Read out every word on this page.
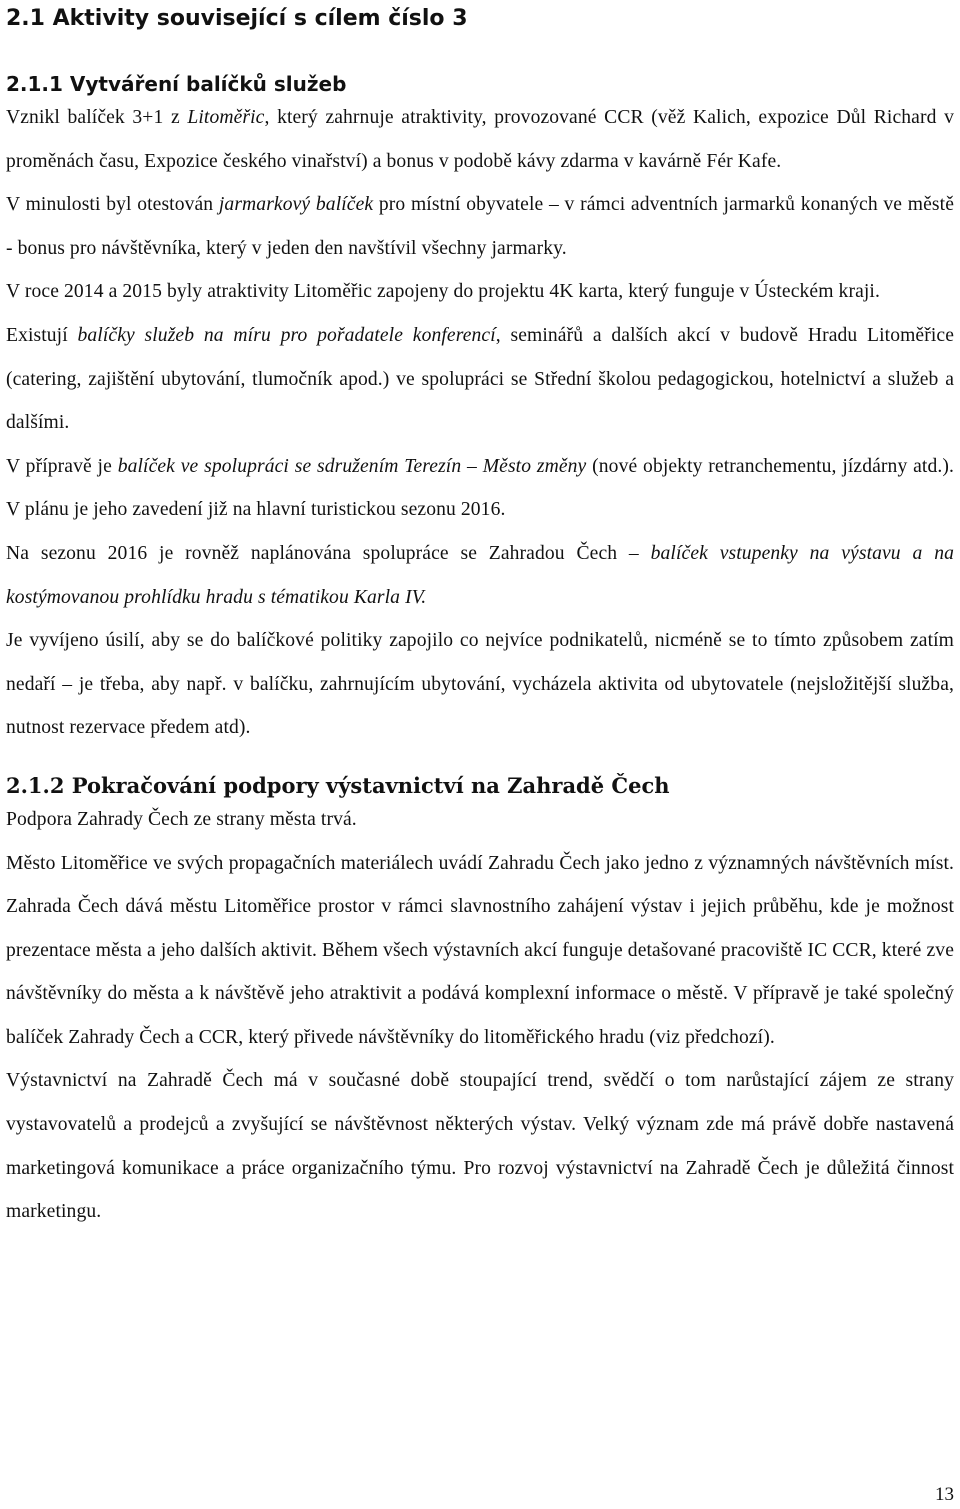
2.1 Aktivity související s cílem číslo 3
2.1.1 Vytváření balíčků služeb

Vznikl balíček 3+1 z Litoměřic, který zahrnuje atraktivity, provozované CCR (věž Kalich, expozice Důl Richard v proměnách času, Expozice českého vinařství) a bonus v podobě kávy zdarma v kavárně Fér Kafe.

V minulosti byl otestován jarmarkový balíček pro místní obyvatele – v rámci adventních jarmarků konaných ve městě - bonus pro návštěvníka, který v jeden den navštívil všechny jarmarky.

V roce 2014 a 2015 byly atraktivity Litoměřic zapojeny do projektu 4K karta, který funguje v Ústeckém kraji.

Existují balíčky služeb na míru pro pořadatele konferencí, seminářů a dalších akcí v budově Hradu Litoměřice (catering, zajištění ubytování, tlumočník apod.) ve spolupráci se Střední školou pedagogickou, hotelnictví a služeb a dalšími.

V přípravě je balíček ve spolupráci se sdružením Terezín – Město změny (nové objekty retranchementu, jízdárny atd.). V plánu je jeho zavedení již na hlavní turistickou sezonu 2016.

Na sezonu 2016 je rovněž naplánována spolupráce se Zahradou Čech – balíček vstupenky na výstavu a na kostýmovanou prohlídku hradu s tématikou Karla IV.

Je vyvíjeno úsilí, aby se do balíčkové politiky zapojilo co nejvíce podnikatelů, nicméně se to tímto způsobem zatím nedaří – je třeba, aby např. v balíčku, zahrnujícím ubytování, vycházela aktivita od ubytovatele (nejsložitější služba, nutnost rezervace předem atd).

2.1.2 Pokračování podpory výstavnictví na Zahradě Čech

Podpora Zahrady Čech ze strany města trvá.

Město Litoměřice ve svých propagačních materiálech uvádí Zahradu Čech jako jedno z významných návštěvních míst. Zahrada Čech dává městu Litoměřice prostor v rámci slavnostního zahájení výstav i jejich průběhu, kde je možnost prezentace města a jeho dalších aktivit. Během všech výstavních akcí funguje detašované pracoviště IC CCR, které zve návštěvníky do města a k návštěvě jeho atraktivit a podává komplexní informace o městě. V přípravě je také společný balíček Zahrady Čech a CCR, který přivede návštěvníky do litoměřického hradu (viz předchozí).

Výstavnictví na Zahradě Čech má v současné době stoupající trend, svědčí o tom narůstající zájem ze strany vystavovatelů a prodejců a zvyšující se návštěvnost některých výstav. Velký význam zde má právě dobře nastavená marketingová komunikace a práce organizačního týmu. Pro rozvoj výstavnictví na Zahradě Čech je důležitá činnost marketingu.

13
